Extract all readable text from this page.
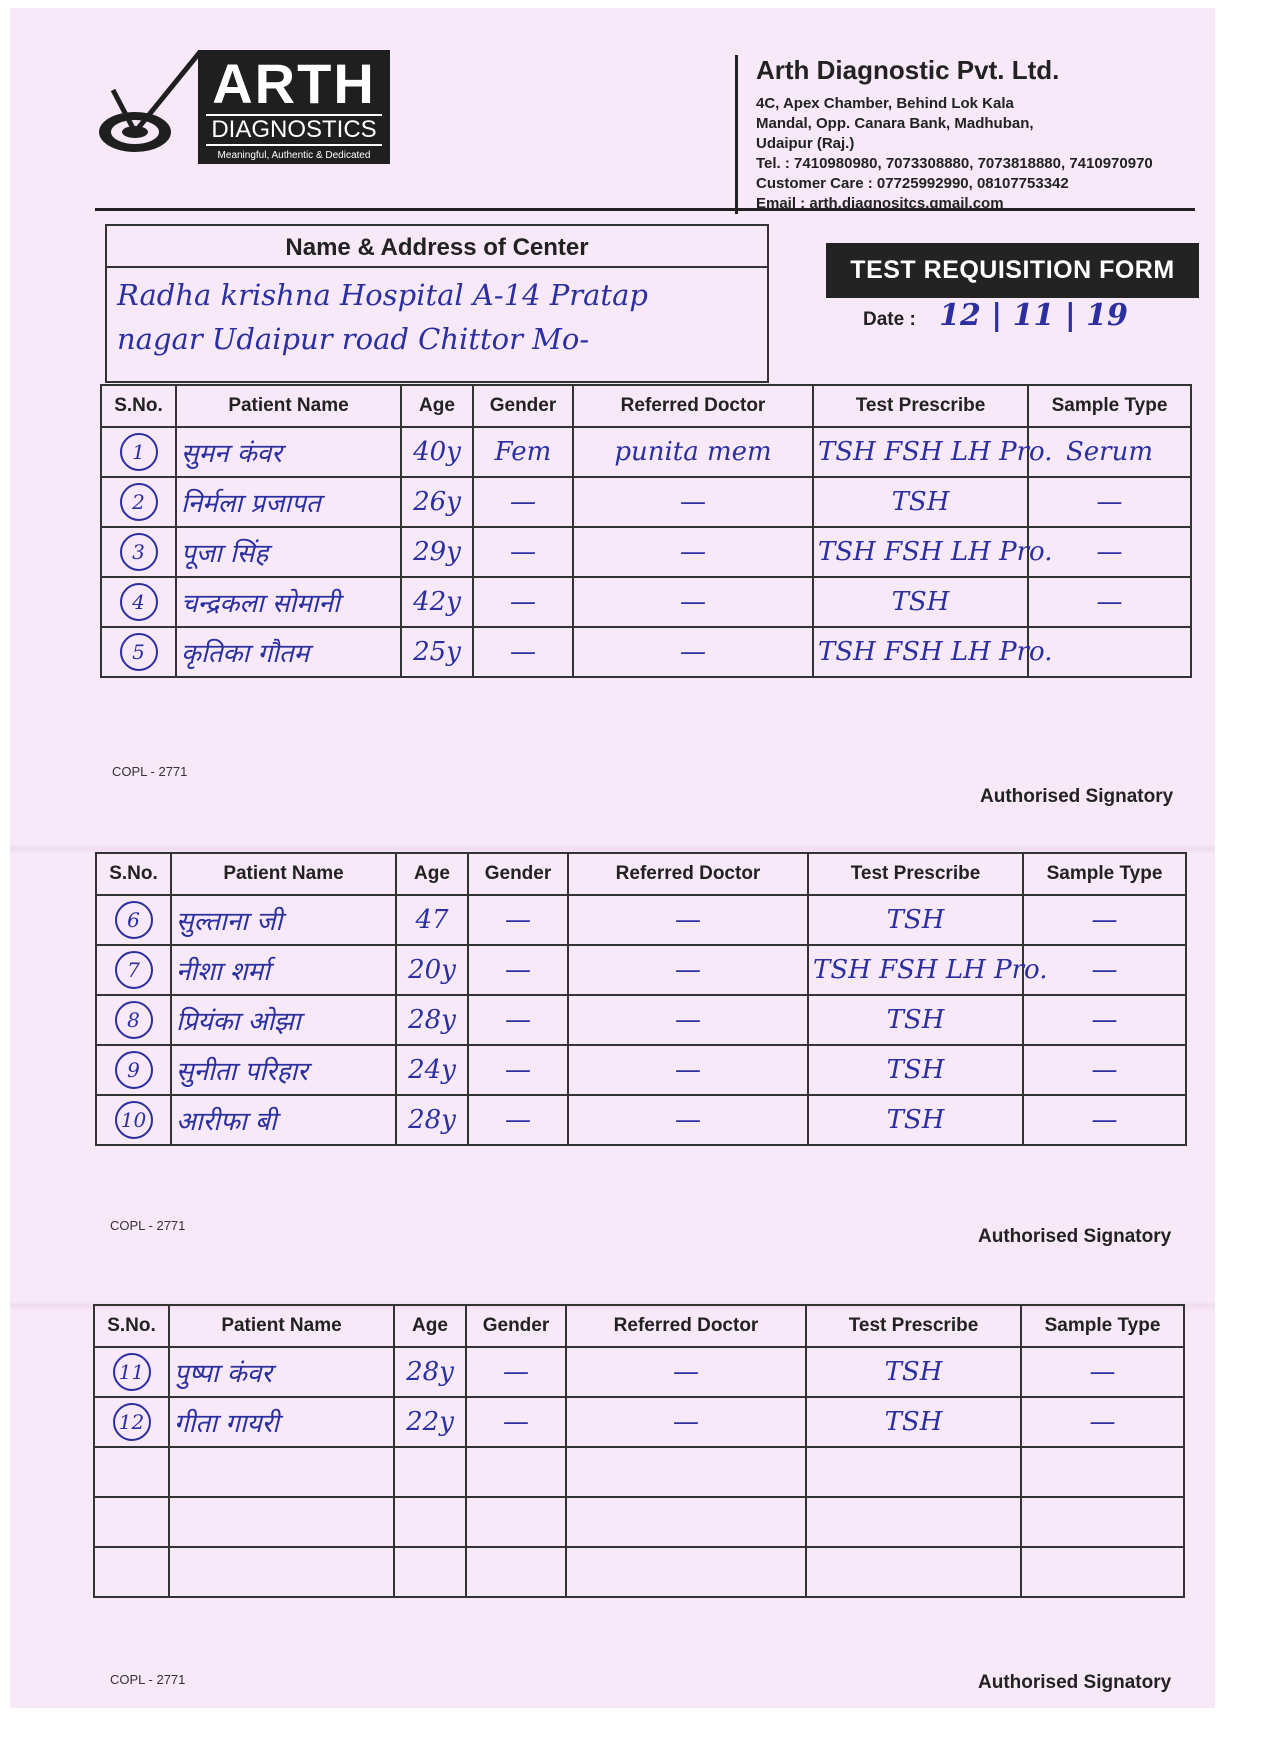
ARTH
DIAGNOSTICS
Meaningful, Authentic & Dedicated
Arth Diagnostic Pvt. Ltd.
4C, Apex Chamber, Behind Lok Kala
Mandal, Opp. Canara Bank, Madhuban,
Udaipur (Raj.)
Tel. : 7410980980, 7073308880, 7073818880, 7410970970
Customer Care : 07725992990, 08107753342
Email : arth.diagnositcs.gmail.com
Name & Address of Center
Radha krishna Hospital A-14 Pratap
nagar Udaipur road Chittor Mo-
TEST REQUISITION FORM
Date : 12 | 11 | 19
S.No.	Patient Name	Age	Gender	Referred Doctor	Test Prescribe	Sample Type
1	सुमन कंवर	40y	Fem	punita mem	TSH FSH LH Pro.	Serum
2	निर्मला प्रजापत	26y	—	—	TSH	—
3	पूजा सिंह	29y	—	—	TSH FSH LH Pro.	—
4	चन्द्रकला सोमानी	42y	—	—	TSH	—
5	कृतिका गौतम	25y	—	—	TSH FSH LH Pro.	
COPL - 2771
Authorised Signatory
S.No.	Patient Name	Age	Gender	Referred Doctor	Test Prescribe	Sample Type
6	सुल्ताना जी	47	—	—	TSH	—
7	नीशा शर्मा	20y	—	—	TSH FSH LH Pro.	—
8	प्रियंका ओझा	28y	—	—	TSH	—
9	सुनीता परिहार	24y	—	—	TSH	—
10	आरीफा बी	28y	—	—	TSH	—
COPL - 2771
Authorised Signatory
S.No.	Patient Name	Age	Gender	Referred Doctor	Test Prescribe	Sample Type
11	पुष्पा कंवर	28y	—	—	TSH	—
12	गीता गायरी	22y	—	—	TSH	—

COPL - 2771	Authorised Signatory
